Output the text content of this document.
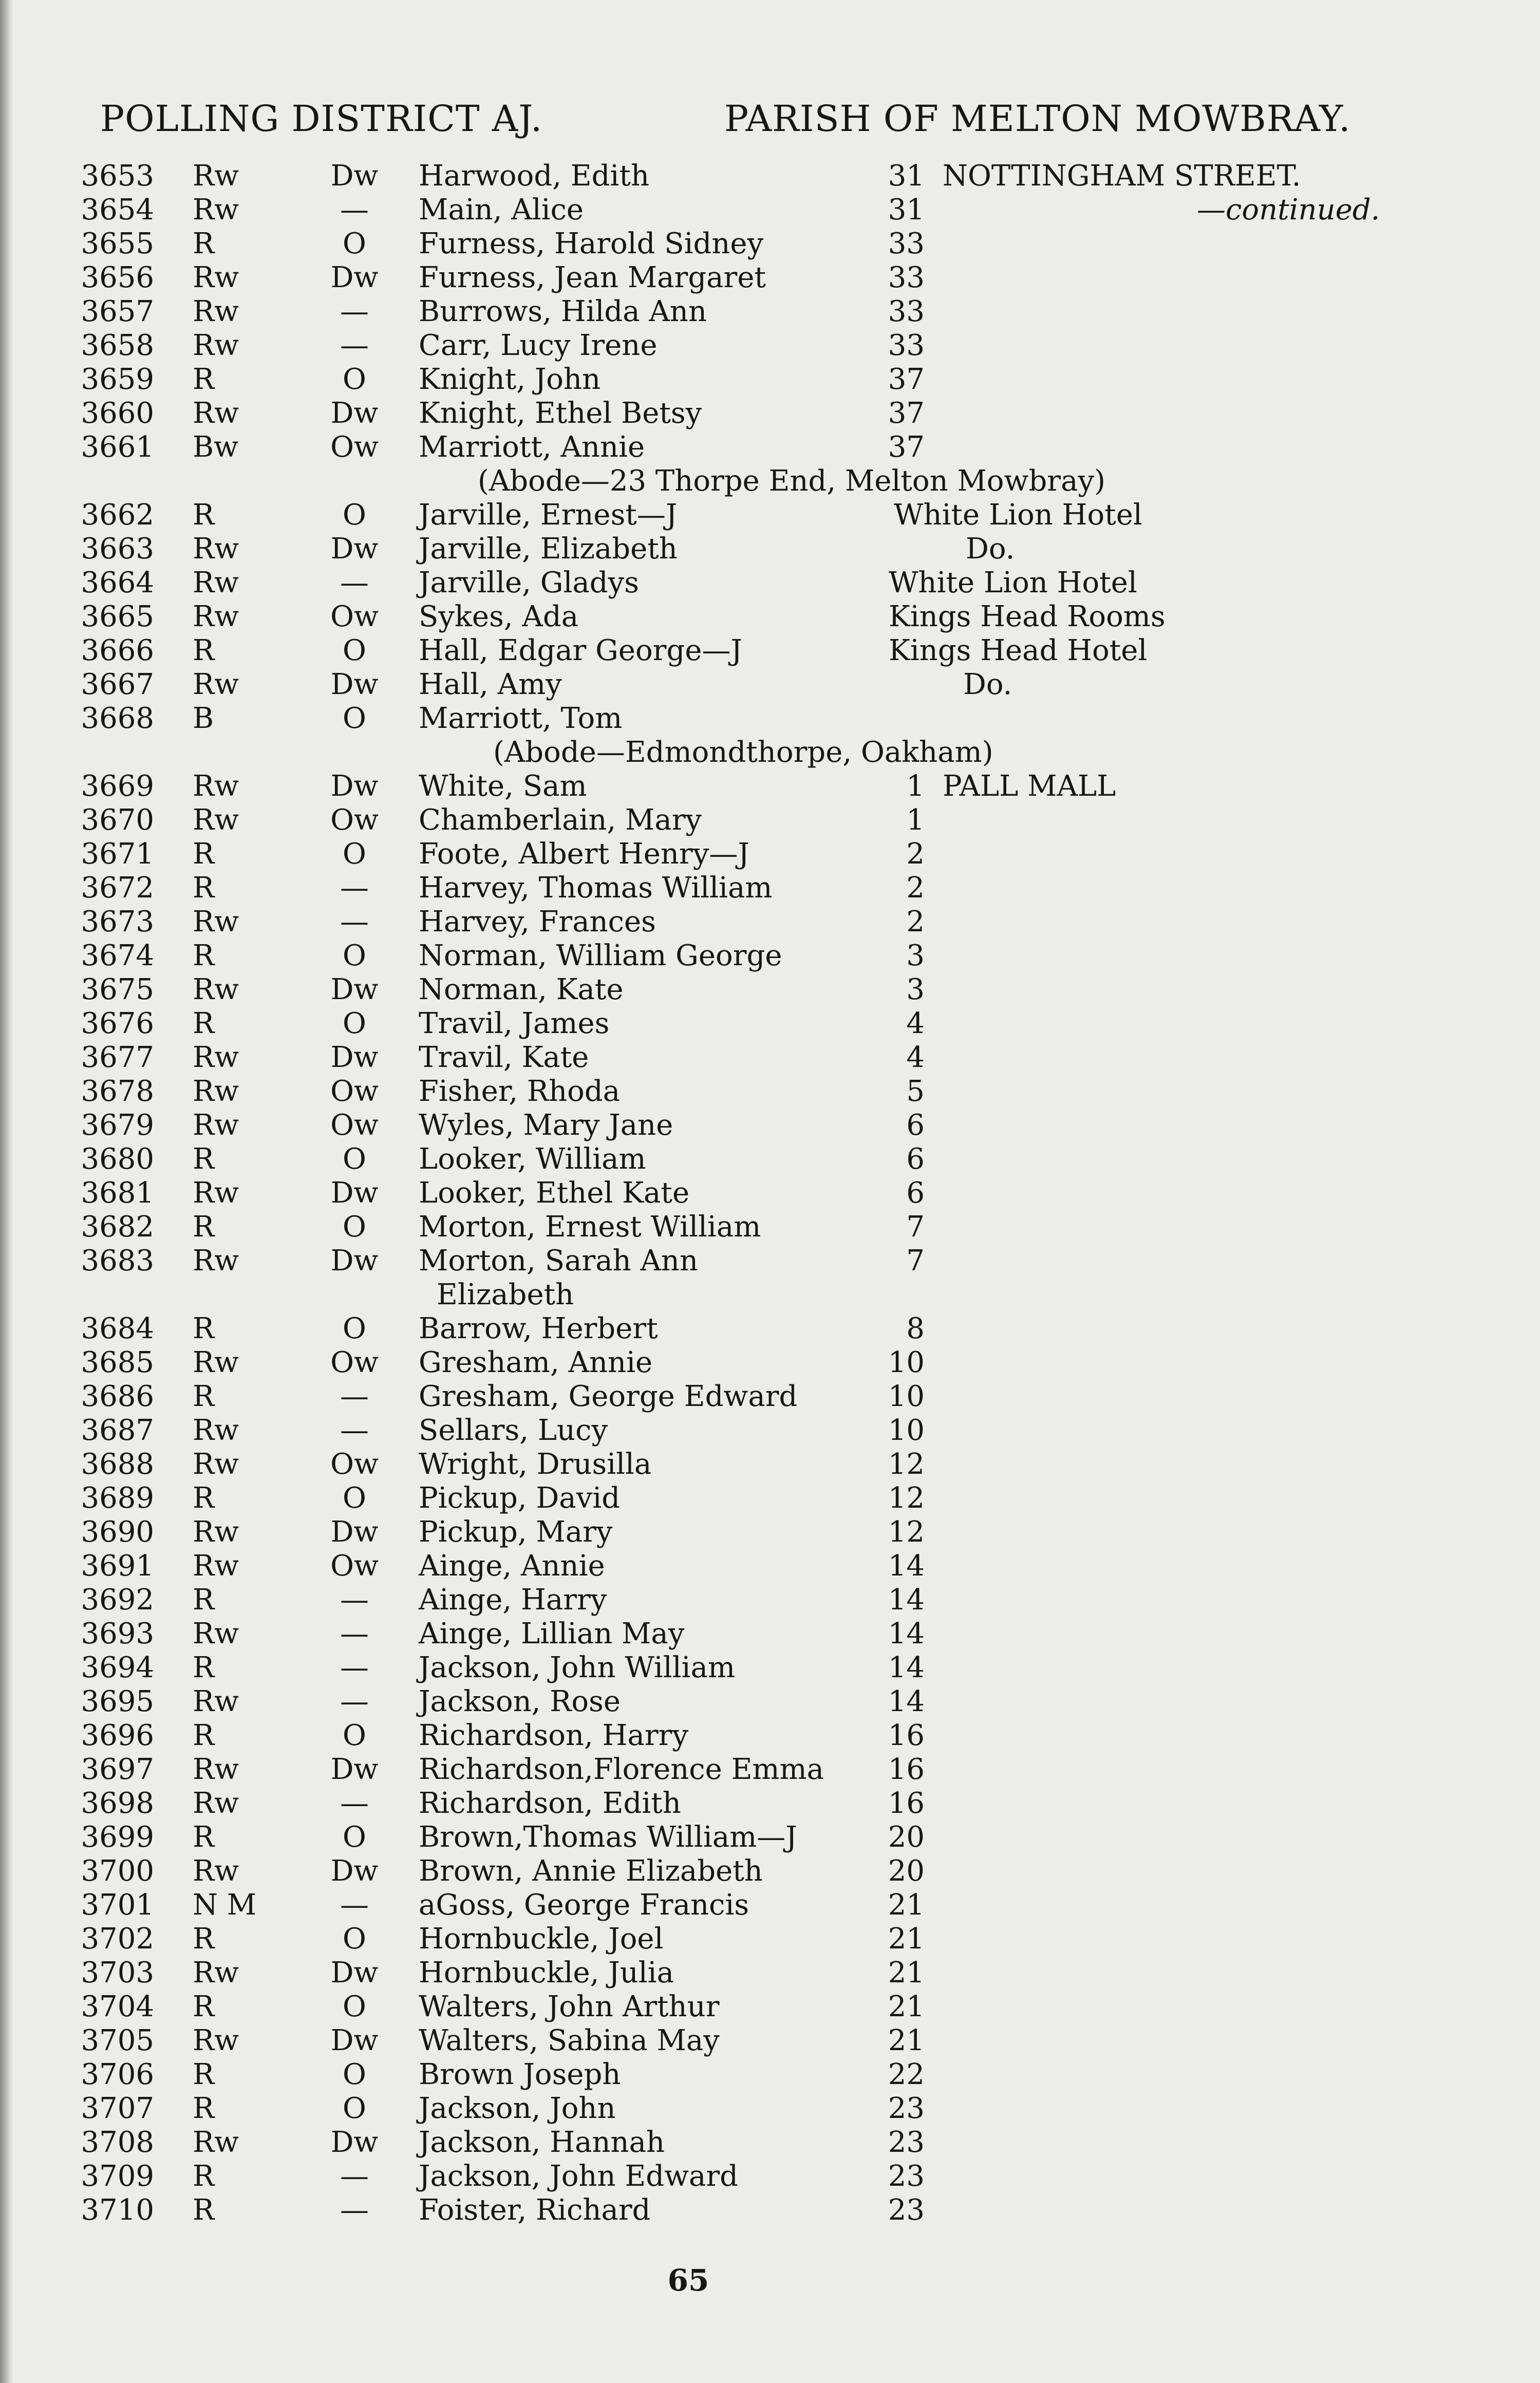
POLLING DISTRICT AJ.	PARISH OF MELTON MOWBRAY.
3653 Rw	Dw	Harwood, Edith	31 NOTTINGHAM STREET.
3654 Rw	—	Main, Alice	31	—continued.
3655 R	O	Furness, Harold Sidney	33
3656 Rw	Dw	Furness, Jean Margaret	33
3657 Rw	—	Burrows, Hilda Ann	33
3658 Rw	—	Carr, Lucy Irene	33
3659 R	O	Knight, John	37
3660 Rw	Dw	Knight, Ethel Betsy	37
3661 Bw	Ow	Marriott, Annie	37
(Abode—23 Thorpe End, Melton Mowbray)
3662 R	O	Jarville, Ernest—J	White Lion Hotel
3663 Rw	Dw	Jarville, Elizabeth	Do.
3664 Rw	—	Jarville, Gladys	White Lion Hotel
3665 Rw	Ow	Sykes, Ada	Kings Head Rooms
3666 R	O	Hall, Edgar George—J	Kings Head Hotel
3667 Rw	Dw	Hall, Amy	Do.
3668 B	O	Marriott, Tom
(Abode—Edmondthorpe, Oakham)
3669 Rw	Dw	White, Sam	1 PALL MALL
3670 Rw	Ow	Chamberlain, Mary	1
3671 R	O	Foote, Albert Henry—J	2
3672 R	—	Harvey, Thomas William	2
3673 Rw	—	Harvey, Frances	2
3674 R	O	Norman, William George	3
3675 Rw	Dw	Norman, Kate	3
3676 R	O	Travil, James	4
3677 Rw	Dw	Travil, Kate	4
3678 Rw	Ow	Fisher, Rhoda	5
3679 Rw	Ow	Wyles, Mary Jane	6
3680 R	O	Looker, William	6
3681 Rw	Dw	Looker, Ethel Kate	6
3682 R	O	Morton, Ernest William	7
3683 Rw	Dw	Morton, Sarah Ann	7
Elizabeth
3684 R	O	Barrow, Herbert	8
3685 Rw	Ow	Gresham, Annie	10
3686 R	—	Gresham, George Edward	10
3687 Rw	—	Sellars, Lucy	10
3688 Rw	Ow	Wright, Drusilla	12
3689 R	O	Pickup, David	12
3690 Rw	Dw	Pickup, Mary	12
3691 Rw	Ow	Ainge, Annie	14
3692 R	—	Ainge, Harry	14
3693 Rw	—	Ainge, Lillian May	14
3694 R	—	Jackson, John William	14
3695 Rw	—	Jackson, Rose	14
3696 R	O	Richardson, Harry	16
3697 Rw	Dw	Richardson,Florence Emma	16
3698 Rw	—	Richardson, Edith	16
3699 R	O	Brown,Thomas William—J	20
3700 Rw	Dw	Brown, Annie Elizabeth	20
3701 N M	—	aGoss, George Francis	21
3702 R	O	Hornbuckle, Joel	21
3703 Rw	Dw	Hornbuckle, Julia	21
3704 R	O	Walters, John Arthur	21
3705 Rw	Dw	Walters, Sabina May	21
3706 R	O	Brown Joseph	22
3707 R	O	Jackson, John	23
3708 Rw	Dw	Jackson, Hannah	23
3709 R	—	Jackson, John Edward	23
3710 R	—	Foister, Richard	23
65
